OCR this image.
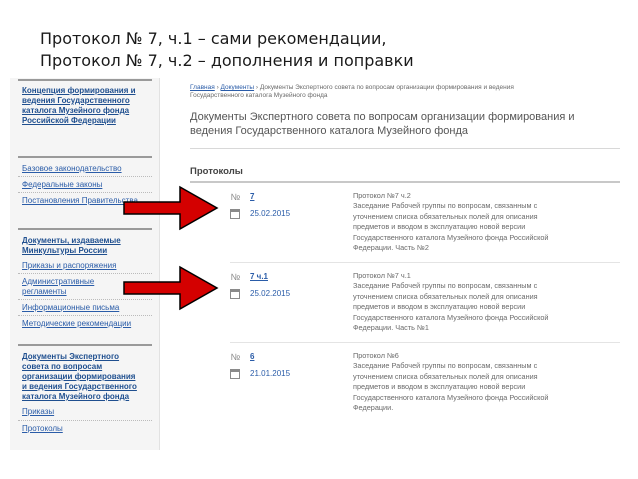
Протокол № 7, ч.1 – сами рекомендации,
Протокол № 7, ч.2 – дополнения и поправки
Концепция формирования и
ведения Государственного
каталога Музейного фонда
Российской Федерации
Базовое законодательство
Федеральные законы
Постановления Правительства
Документы, издаваемые
Минкультуры России
Приказы и распоряжения
Административные
регламенты
Информационные письма
Методические рекомендации
Документы Экспертного
совета по вопросам
организации формирования
и ведения Государственного
каталога Музейного фонда
Приказы
Протоколы
Главная › Документы › Документы Экспертного совета по вопросам организации формирования и ведения
Государственного каталога Музейного фонда
Документы Экспертного совета по вопросам организации формирования и
ведения Государственного каталога Музейного фонда
Протоколы
№ 7
25.02.2015
Протокол №7 ч.2
Заседание Рабочей группы по вопросам, связанным с
уточнением списка обязательных полей для описания
предметов и вводом в эксплуатацию новой версии
Государственного каталога Музейного фонда Российской
Федерации. Часть №2
№ 7 ч.1
25.02.2015
Протокол №7 ч.1
Заседание Рабочей группы по вопросам, связанным с
уточнением списка обязательных полей для описания
предметов и вводом в эксплуатацию новой версии
Государственного каталога Музейного фонда Российской
Федерации. Часть №1
№ 6
21.01.2015
Протокол №6
Заседание Рабочей группы по вопросам, связанным с
уточнением списка обязательных полей для описания
предметов и вводом в эксплуатацию новой версии
Государственного каталога Музейного фонда Российской
Федерации.
